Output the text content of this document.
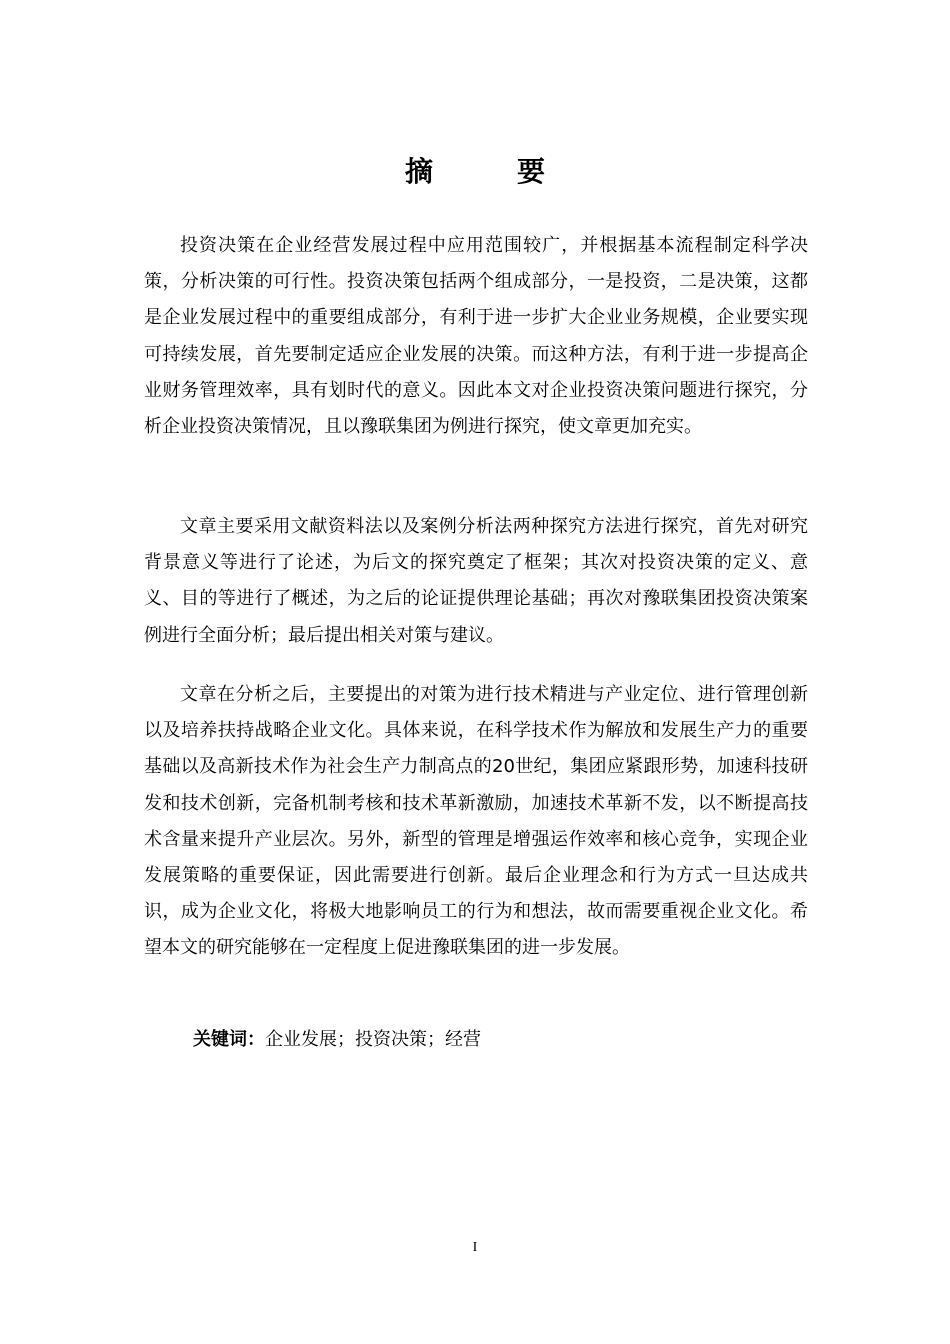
摘　要

投资决策在企业经营发展过程中应用范围较广，并根据基本流程制定科学决策，分析决策的可行性。投资决策包括两个组成部分，一是投资，二是决策，这都是企业发展过程中的重要组成部分，有利于进一步扩大企业业务规模，企业要实现可持续发展，首先要制定适应企业发展的决策。而这种方法，有利于进一步提高企业财务管理效率，具有划时代的意义。因此本文对企业投资决策问题进行探究，分析企业投资决策情况，且以豫联集团为例进行探究，使文章更加充实。

文章主要采用文献资料法以及案例分析法两种探究方法进行探究，首先对研究背景意义等进行了论述，为后文的探究奠定了框架；其次对投资决策的定义、意义、目的等进行了概述，为之后的论证提供理论基础；再次对豫联集团投资决策案例进行全面分析；最后提出相关对策与建议。

文章在分析之后，主要提出的对策为进行技术精进与产业定位、进行管理创新以及培养扶持战略企业文化。具体来说，在科学技术作为解放和发展生产力的重要基础以及高新技术作为社会生产力制高点的20世纪，集团应紧跟形势，加速科技研发和技术创新，完备机制考核和技术革新激励，加速技术革新不发，以不断提高技术含量来提升产业层次。另外，新型的管理是增强运作效率和核心竞争，实现企业发展策略的重要保证，因此需要进行创新。最后企业理念和行为方式一旦达成共识，成为企业文化，将极大地影响员工的行为和想法，故而需要重视企业文化。希望本文的研究能够在一定程度上促进豫联集团的进一步发展。

关键词：企业发展；投资决策；经营
I
